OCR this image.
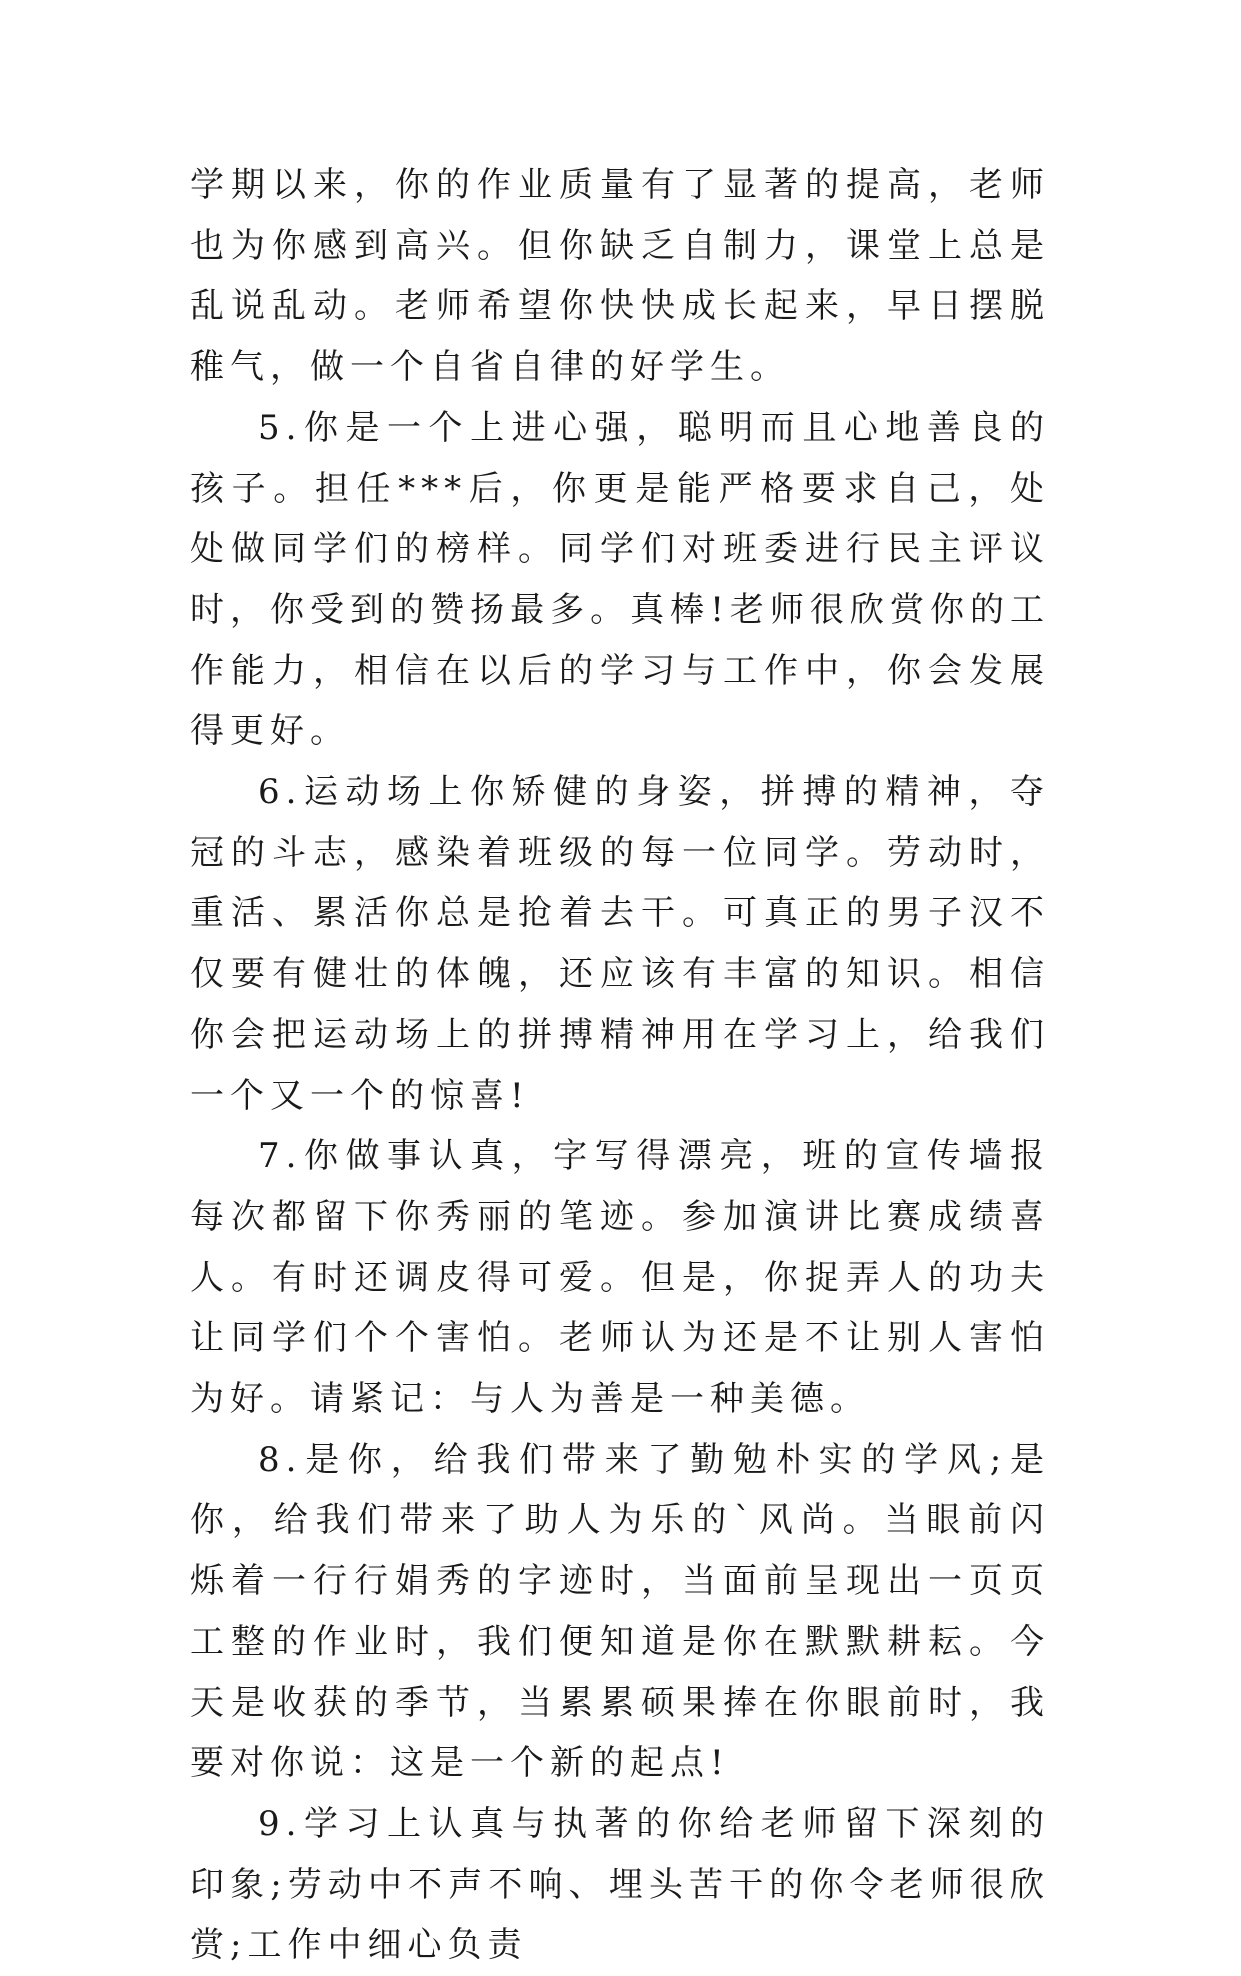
学期以来，你的作业质量有了显著的提高，老师也为你感到高兴。但你缺乏自制力，课堂上总是乱说乱动。老师希望你快快成长起来，早日摆脱稚气，做一个自省自律的好学生。

5.你是一个上进心强，聪明而且心地善良的孩子。担任***后，你更是能严格要求自己，处处做同学们的榜样。同学们对班委进行民主评议时，你受到的赞扬最多。真棒!老师很欣赏你的工作能力，相信在以后的学习与工作中，你会发展得更好。

6.运动场上你矫健的身姿，拼搏的精神，夺冠的斗志，感染着班级的每一位同学。劳动时，重活、累活你总是抢着去干。可真正的男子汉不仅要有健壮的体魄，还应该有丰富的知识。相信你会把运动场上的拼搏精神用在学习上，给我们一个又一个的惊喜!

7.你做事认真，字写得漂亮，班的宣传墙报每次都留下你秀丽的笔迹。参加演讲比赛成绩喜人。有时还调皮得可爱。但是，你捉弄人的功夫让同学们个个害怕。老师认为还是不让别人害怕为好。请紧记：与人为善是一种美德。

8.是你，给我们带来了勤勉朴实的学风;是你，给我们带来了助人为乐的`风尚。当眼前闪烁着一行行娟秀的字迹时，当面前呈现出一页页工整的作业时，我们便知道是你在默默耕耘。今天是收获的季节，当累累硕果捧在你眼前时，我要对你说：这是一个新的起点!

9.学习上认真与执著的你给老师留下深刻的印象;劳动中不声不响、埋头苦干的你令老师很欣赏;工作中细心负责
